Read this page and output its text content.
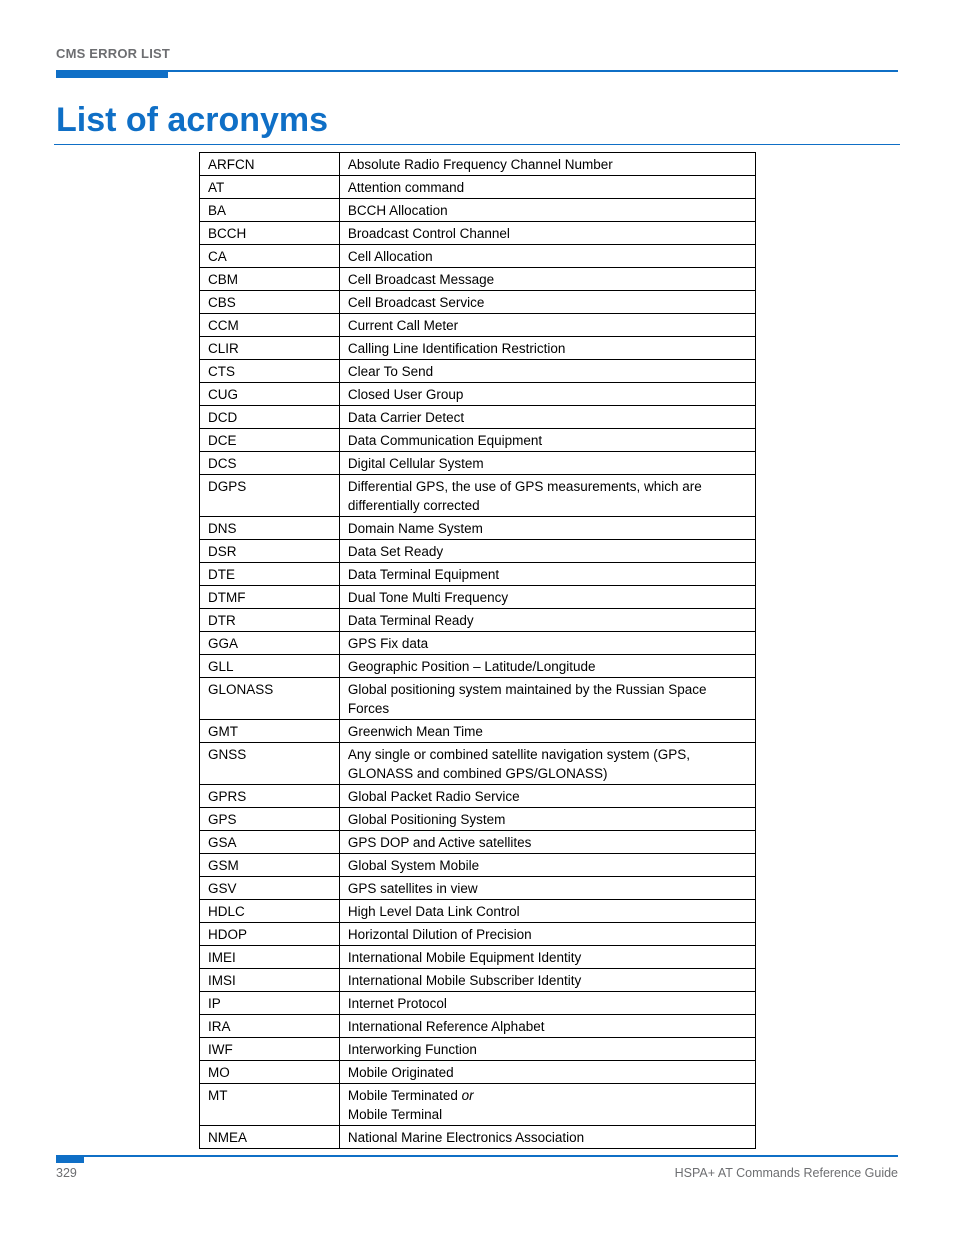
CMS ERROR LIST
List of acronyms
ARFCN	Absolute Radio Frequency Channel Number

AT	Attention command

BA	BCCH Allocation

BCCH	Broadcast Control Channel

CA	Cell Allocation

CBM	Cell Broadcast Message

CBS	Cell Broadcast Service

CCM	Current Call Meter

CLIR	Calling Line Identification Restriction

CTS	Clear To Send

CUG	Closed User Group

DCD	Data Carrier Detect

DCE	Data Communication Equipment

DCS	Digital Cellular System

DGPS	Differential GPS, the use of GPS measurements, which are
differentially corrected

DNS	Domain Name System

DSR	Data Set Ready

DTE	Data Terminal Equipment

DTMF	Dual Tone Multi Frequency

DTR	Data Terminal Ready

GGA	GPS Fix data

GLL	Geographic Position – Latitude/Longitude

GLONASS	Global positioning system maintained by the Russian Space
Forces

GMT	Greenwich Mean Time

GNSS	Any single or combined satellite navigation system (GPS,
GLONASS and combined GPS/GLONASS)

GPRS	Global Packet Radio Service

GPS	Global Positioning System

GSA	GPS DOP and Active satellites

GSM	Global System Mobile

GSV	GPS satellites in view

HDLC	High Level Data Link Control

HDOP	Horizontal Dilution of Precision

IMEI	International Mobile Equipment Identity

IMSI	International Mobile Subscriber Identity

IP	Internet Protocol

IRA	International Reference Alphabet

IWF	Interworking Function

MO	Mobile Originated

MT	Mobile Terminated or
Mobile Terminal

NMEA	National Marine Electronics Association
329	HSPA+ AT Commands Reference Guide
